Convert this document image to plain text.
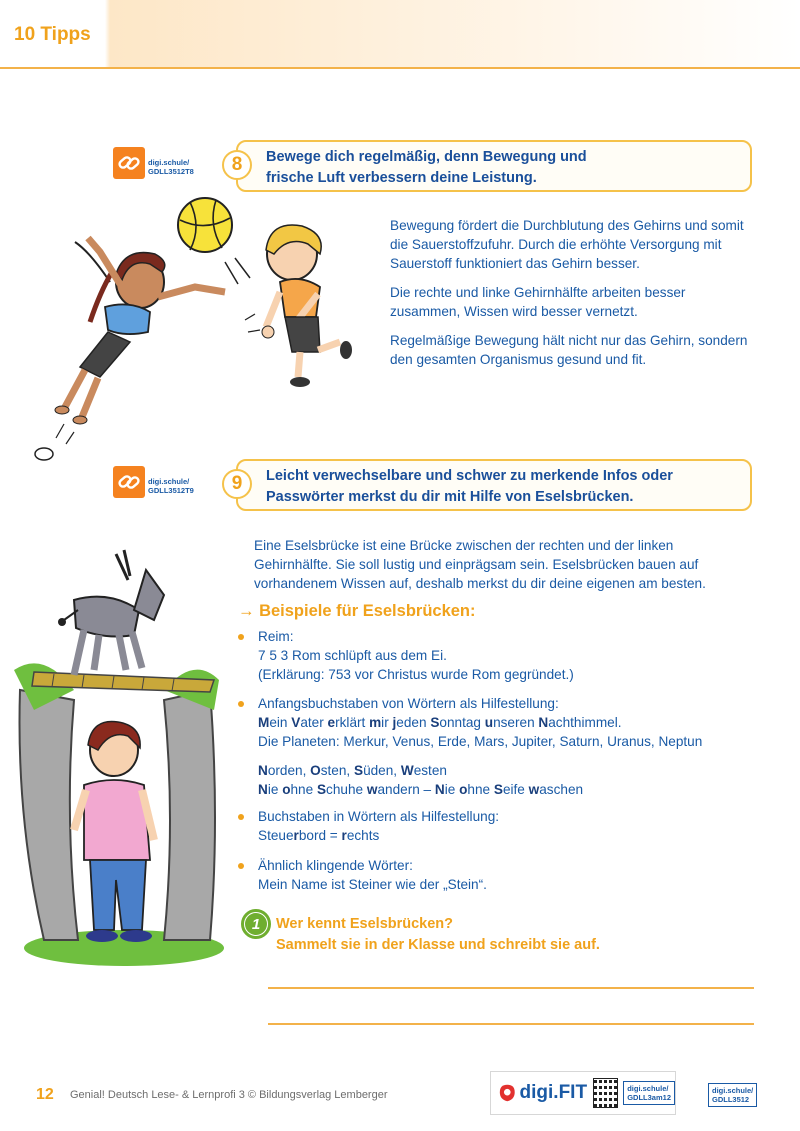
10 Tipps
digi.schule/
GDLL3512T8	8	Bewege dich regelmäßig, denn Bewegung und
frische Luft verbessern deine Leistung.

Bewegung fördert die Durchblutung des Gehirns und somit die Sauerstoffzufuhr. Durch die erhöhte Versorgung mit Sauerstoff funktioniert das Gehirn besser.

Die rechte und linke Gehirnhälfte arbeiten besser zusammen, Wissen wird besser vernetzt.

Regelmäßige Bewegung hält nicht nur das Gehirn, sondern den gesamten Organismus gesund und fit.

digi.schule/
GDLL3512T9	9	Leicht verwechselbare und schwer zu merkende Infos oder
Passwörter merkst du dir mit Hilfe von Eselsbrücken.
Eine Eselsbrücke ist eine Brücke zwischen der rechten und der linken Gehirnhälfte. Sie soll lustig und einprägsam sein. Eselsbrücken bauen auf vorhandenem Wissen auf, deshalb merkst du dir deine eigenen am besten.
→ Beispiele für Eselsbrücken:
Reim:
7 5 3 Rom schlüpft aus dem Ei.
(Erklärung: 753 vor Christus wurde Rom gegründet.)
Anfangsbuchstaben von Wörtern als Hilfestellung:
Mein Vater erklärt mir jeden Sonntag unseren Nachthimmel.
Die Planeten: Merkur, Venus, Erde, Mars, Jupiter, Saturn, Uranus, Neptun
Norden, Osten, Süden, Westen
Nie ohne Schuhe wandern – Nie ohne Seife waschen
Buchstaben in Wörtern als Hilfestellung:
Steuerbord = rechts
Ähnlich klingende Wörter:
Mein Name ist Steiner wie der „Stein“.
1	Wer kennt Eselsbrücken?
Sammelt sie in der Klasse und schreibt sie auf.
12 Genial! Deutsch Lese- & Lernprofi 3 © Bildungsverlag Lemberger	digi.FIT	digi.schule/
GDLL3am12
digi.schule/
GDLL3512
